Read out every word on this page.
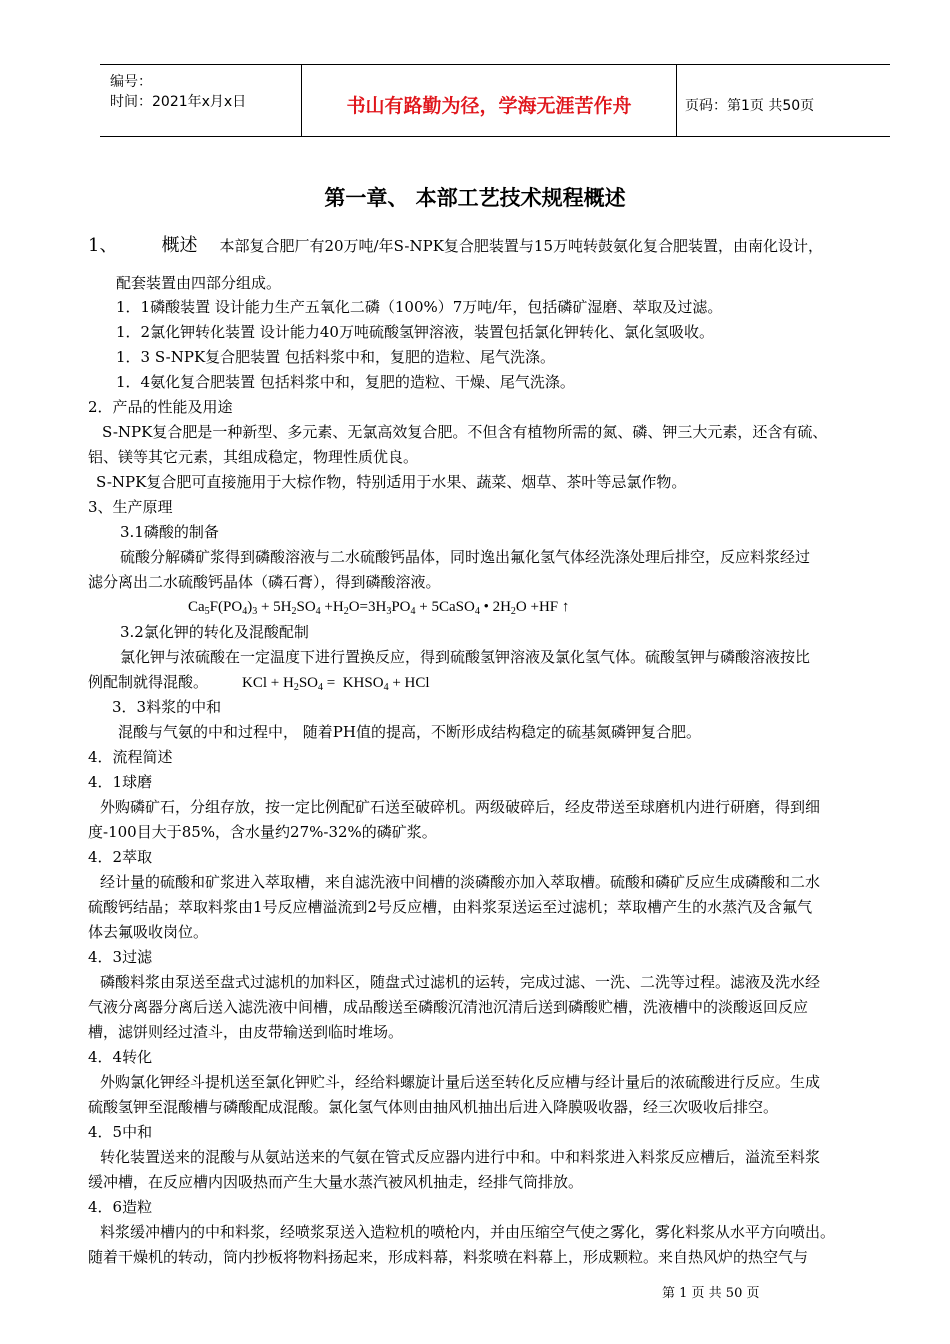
编号：
时间：2021年x月x日	书山有路勤为径，学海无涯苦作舟	页码：第1页 共50页
第一章、 本部工艺技术规程概述
1、 概述 本部复合肥厂有20万吨/年S-NPK复合肥装置与15万吨转鼓氨化复合肥装置，由南化设计，
配套装置由四部分组成。
1．1磷酸装置 设计能力生产五氧化二磷（100%）7万吨/年，包括磷矿湿磨、萃取及过滤。
1．2氯化钾转化装置 设计能力40万吨硫酸氢钾溶液，装置包括氯化钾转化、氯化氢吸收。
1．3 S-NPK复合肥装置 包括料浆中和，复肥的造粒、尾气洗涤。
1．4氨化复合肥装置 包括料浆中和，复肥的造粒、干燥、尾气洗涤。
2．产品的性能及用途
S-NPK复合肥是一种新型、多元素、无氯高效复合肥。不但含有植物所需的氮、磷、钾三大元素，还含有硫、
铝、镁等其它元素，其组成稳定，物理性质优良。
S-NPK复合肥可直接施用于大棕作物，特别适用于水果、蔬菜、烟草、茶叶等忌氯作物。
3、生产原理
3.1磷酸的制备
硫酸分解磷矿浆得到磷酸溶液与二水硫酸钙晶体，同时逸出氟化氢气体经洗涤处理后排空，反应料浆经过
滤分离出二水硫酸钙晶体（磷石膏），得到磷酸溶液。
$Ca_5F(PO_4)_3 + 5H_2SO_4 +H_2O=3H_3PO_4$ + 5CaSO$_4$ • $2H_2O +HF$ ↑
3.2氯化钾的转化及混酸配制
氯化钾与浓硫酸在一定温度下进行置换反应，得到硫酸氢钾溶液及氯化氢气体。硫酸氢钾与磷酸溶液按比
例配制就得混酸。 KCl + $H_2SO_4$ =  $KHSO_4$ + HCl
3．3料浆的中和
混酸与气氨的中和过程中， 随着PH值的提高，不断形成结构稳定的硫基氮磷钾复合肥。
4．流程简述
4．1球磨
外购磷矿石，分组存放，按一定比例配矿石送至破碎机。两级破碎后，经皮带送至球磨机内进行研磨，得到细
度-100目大于85%，含水量约27%-32%的磷矿浆。
4．2萃取
经计量的硫酸和矿浆进入萃取槽，来自滤洗液中间槽的淡磷酸亦加入萃取槽。硫酸和磷矿反应生成磷酸和二水
硫酸钙结晶；萃取料浆由1号反应槽溢流到2号反应槽，由料浆泵送运至过滤机；萃取槽产生的水蒸汽及含氟气
体去氟吸收岗位。
4．3过滤
磷酸料浆由泵送至盘式过滤机的加料区，随盘式过滤机的运转，完成过滤、一洗、二洗等过程。滤液及洗水经
气液分离器分离后送入滤洗液中间槽，成品酸送至磷酸沉清池沉清后送到磷酸贮槽，洗液槽中的淡酸返回反应
槽，滤饼则经过渣斗，由皮带输送到临时堆场。
4．4转化
外购氯化钾经斗提机送至氯化钾贮斗，经给料螺旋计量后送至转化反应槽与经计量后的浓硫酸进行反应。生成
硫酸氢钾至混酸槽与磷酸配成混酸。氯化氢气体则由抽风机抽出后进入降膜吸收器，经三次吸收后排空。
4．5中和
转化装置送来的混酸与从氨站送来的气氨在管式反应器内进行中和。中和料浆进入料浆反应槽后，溢流至料浆
缓冲槽，在反应槽内因吸热而产生大量水蒸汽被风机抽走，经排气筒排放。
4．6造粒
料浆缓冲槽内的中和料浆，经喷浆泵送入造粒机的喷枪内，并由压缩空气使之雾化，雾化料浆从水平方向喷出。
随着干燥机的转动，筒内抄板将物料扬起来，形成料幕，料浆喷在料幕上，形成颗粒。来自热风炉的热空气与
第 1 页 共 50 页
